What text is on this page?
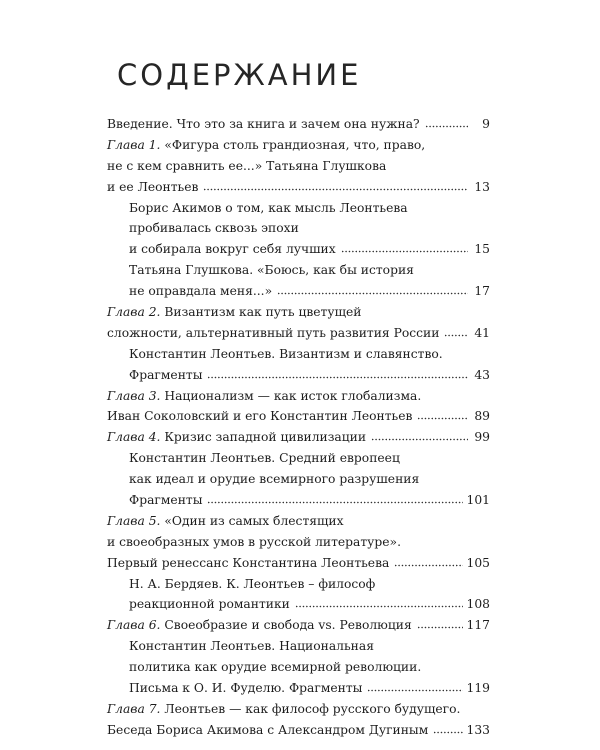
СОДЕРЖАНИЕ
Введение. Что это за книга и зачем она нужна?	9
Глава 1.
«Фигура столь грандиозная, что, право,
не с кем сравнить ее...» Татьяна Глушкова
и ее Леонтьев	13
Борис Акимов о том, как мысль Леонтьева
пробивалась сквозь эпохи
и собирала вокруг себя лучших	15
Татьяна Глушкова. «Боюсь, как бы история
не оправдала меня...»	17
Глава 2.
Византизм как путь цветущей
сложности, альтернативный путь развития России	41
Константин Леонтьев. Византизм и славянство.
Фрагменты	43
Глава 3.
Национализм — как исток глобализма.
Иван Соколовский и его Константин Леонтьев	89
Глава 4.
Кризис западной цивилизации	99
Константин Леонтьев. Средний европеец
как идеал и орудие всемирного разрушения
Фрагменты	101
Глава 5.
«Один из самых блестящих
и своеобразных умов в русской литературе».
Первый ренессанс Константина Леонтьева	105
Н. А. Бердяев. К. Леонтьев – философ
реакционной романтики	108
Глава 6.
Своеобразие и свобода vs. Революция	117
Константин Леонтьев. Национальная
политика как орудие всемирной революции.
Письма к О. И. Фуделю. Фрагменты	119
Глава 7.
Леонтьев — как философ русского будущего.
Беседа Бориса Акимова с Александром Дугиным	133
